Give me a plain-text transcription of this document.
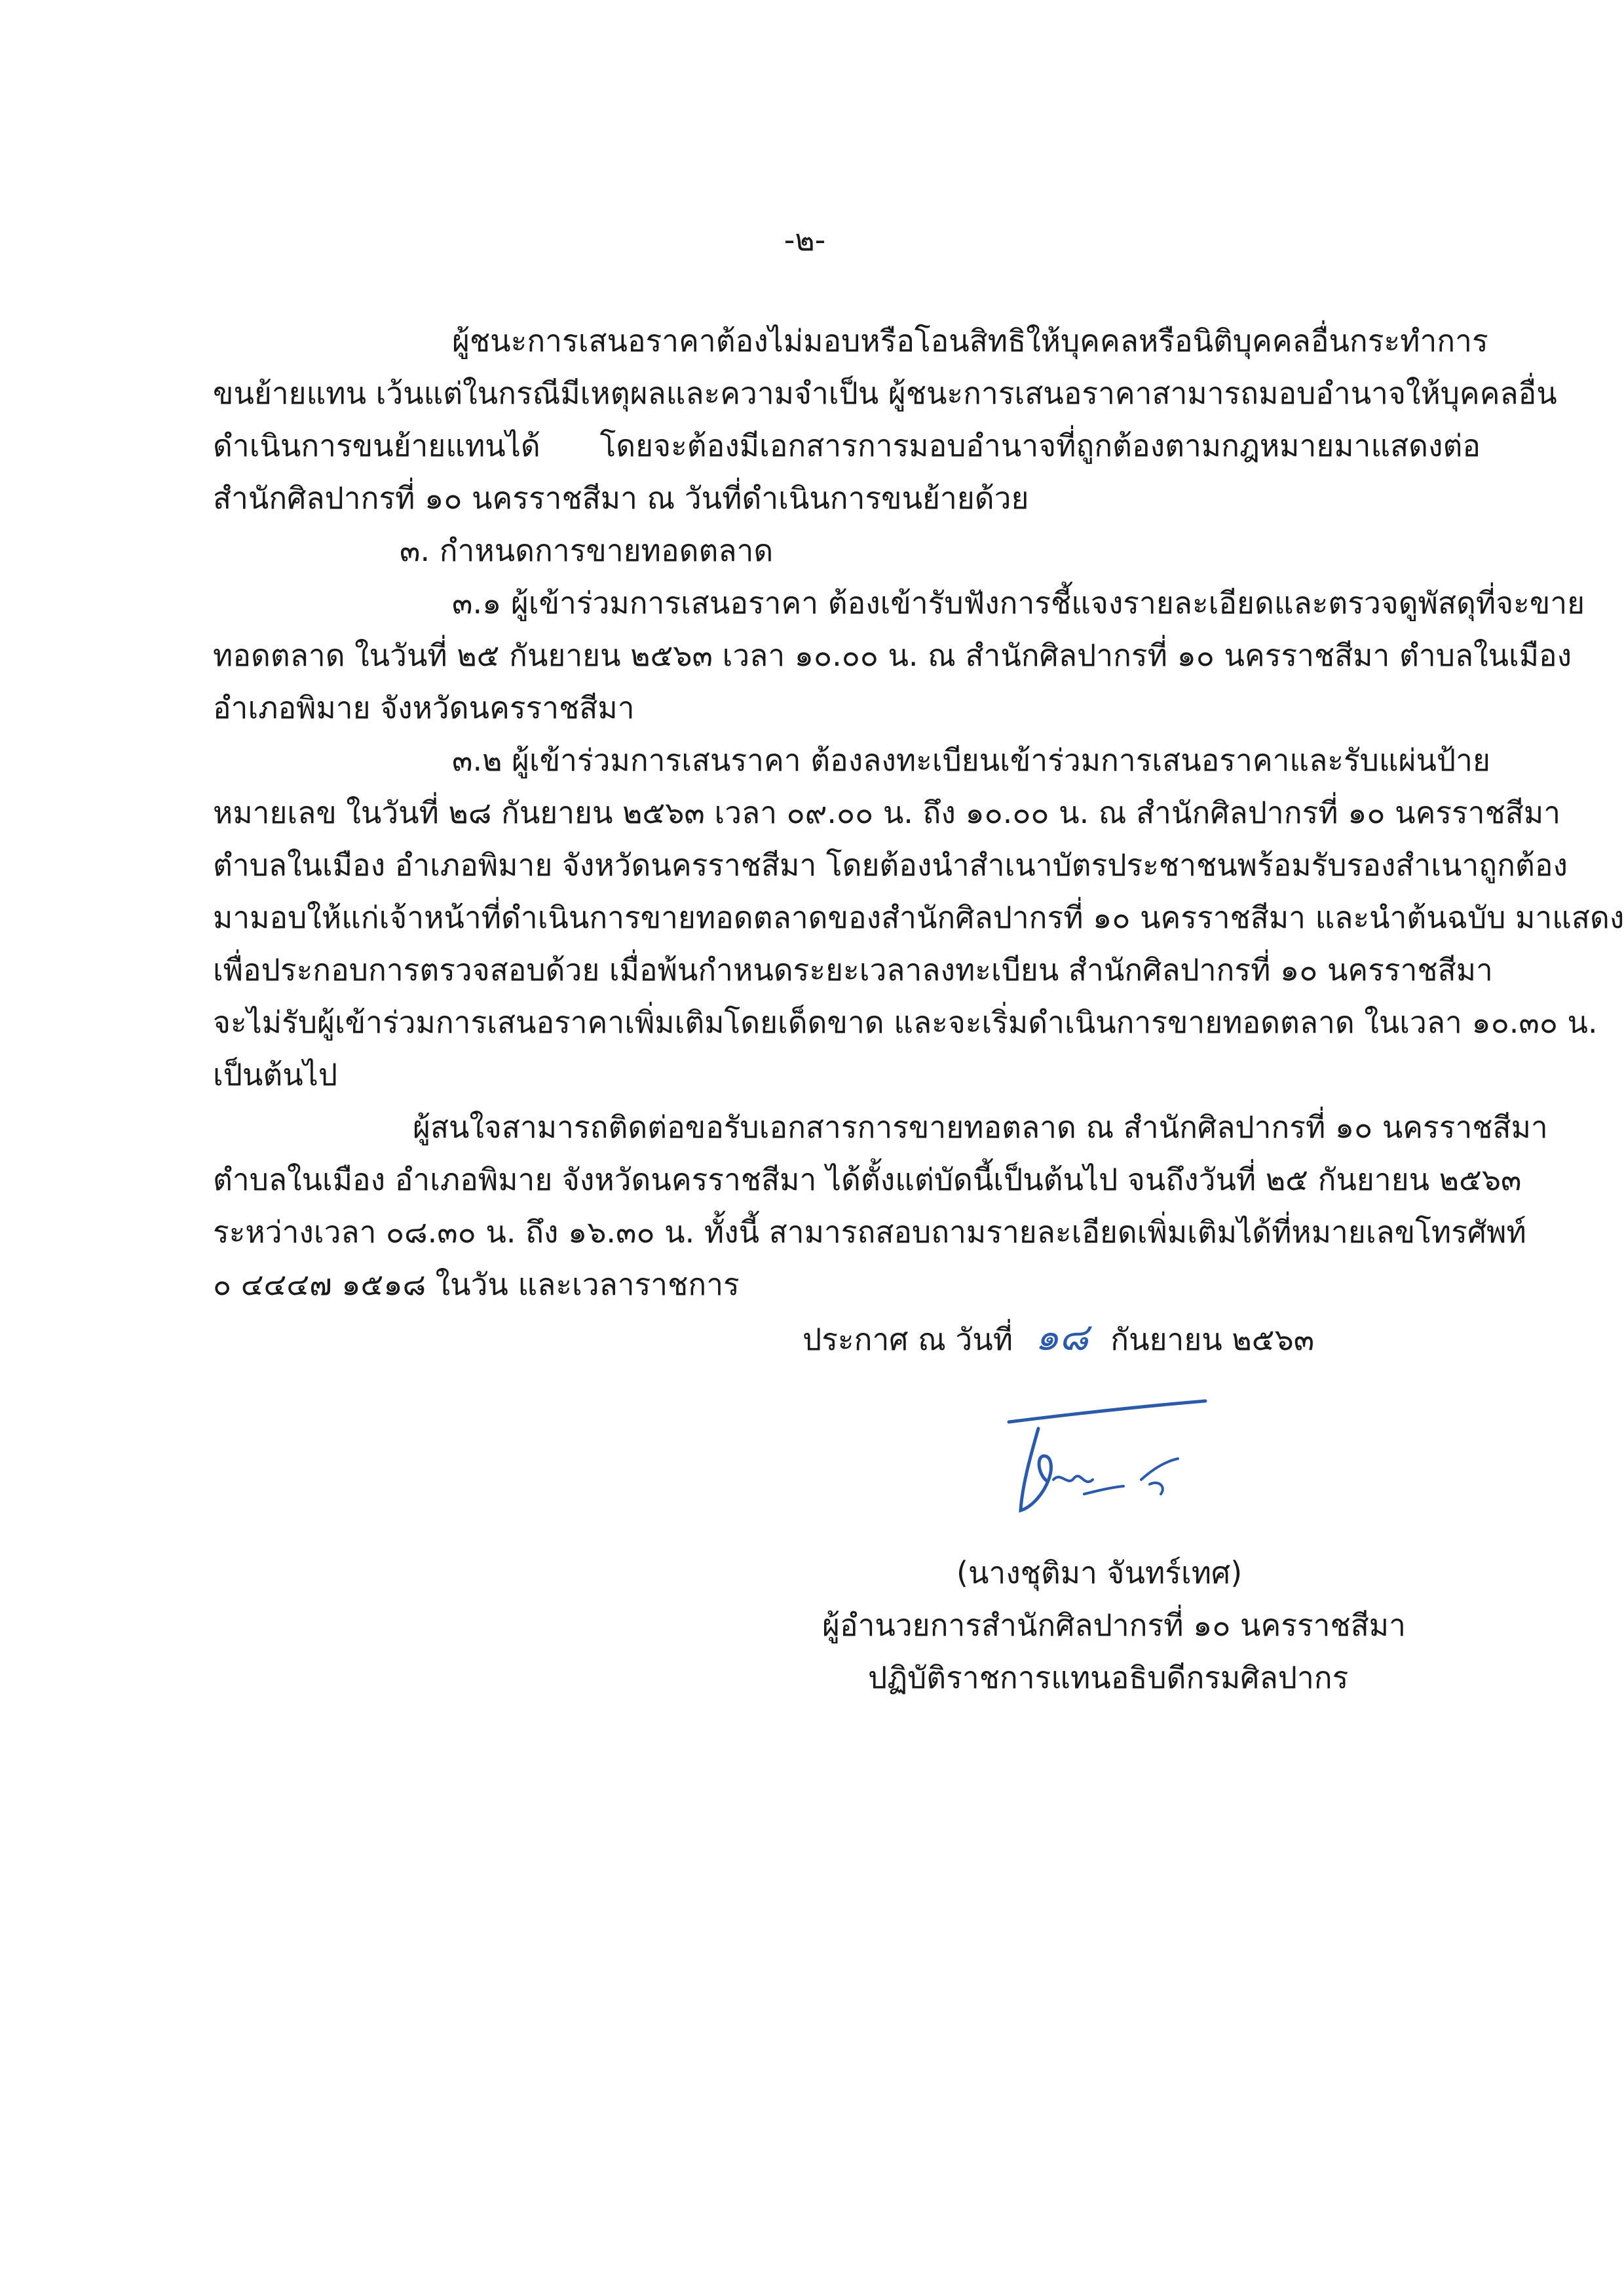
-๒-
ผู้ชนะการเสนอราคาต้องไม่มอบหรือโอนสิทธิให้บุคคลหรือนิติบุคคลอื่นกระทำการ
ขนย้ายแทน เว้นแต่ในกรณีมีเหตุผลและความจำเป็น ผู้ชนะการเสนอราคาสามารถมอบอำนาจให้บุคคลอื่น
ดำเนินการขนย้ายแทนได้ โดยจะต้องมีเอกสารการมอบอำนาจที่ถูกต้องตามกฎหมายมาแสดงต่อ
สำนักศิลปากรที่ ๑๐ นครราชสีมา ณ วันที่ดำเนินการขนย้ายด้วย
๓. กำหนดการขายทอดตลาด
๓.๑ ผู้เข้าร่วมการเสนอราคา ต้องเข้ารับฟังการชี้แจงรายละเอียดและตรวจดูพัสดุที่จะขาย
ทอดตลาด ในวันที่ ๒๕ กันยายน ๒๕๖๓ เวลา ๑๐.๐๐ น. ณ สำนักศิลปากรที่ ๑๐ นครราชสีมา ตำบลในเมือง
อำเภอพิมาย จังหวัดนครราชสีมา
๓.๒ ผู้เข้าร่วมการเสนราคา ต้องลงทะเบียนเข้าร่วมการเสนอราคาและรับแผ่นป้าย
หมายเลข ในวันที่ ๒๘ กันยายน ๒๕๖๓ เวลา ๐๙.๐๐ น. ถึง ๑๐.๐๐ น. ณ สำนักศิลปากรที่ ๑๐ นครราชสีมา
ตำบลในเมือง อำเภอพิมาย จังหวัดนครราชสีมา โดยต้องนำสำเนาบัตรประชาชนพร้อมรับรองสำเนาถูกต้อง
มามอบให้แก่เจ้าหน้าที่ดำเนินการขายทอดตลาดของสำนักศิลปากรที่ ๑๐ นครราชสีมา และนำต้นฉบับ มาแสดง
เพื่อประกอบการตรวจสอบด้วย เมื่อพ้นกำหนดระยะเวลาลงทะเบียน สำนักศิลปากรที่ ๑๐ นครราชสีมา
จะไม่รับผู้เข้าร่วมการเสนอราคาเพิ่มเติมโดยเด็ดขาด และจะเริ่มดำเนินการขายทอดตลาด ในเวลา ๑๐.๓๐ น.
เป็นต้นไป
ผู้สนใจสามารถติดต่อขอรับเอกสารการขายทอตลาด ณ สำนักศิลปากรที่ ๑๐ นครราชสีมา
ตำบลในเมือง อำเภอพิมาย จังหวัดนครราชสีมา ได้ตั้งแต่บัดนี้เป็นต้นไป จนถึงวันที่ ๒๕ กันยายน ๒๕๖๓
ระหว่างเวลา ๐๘.๓๐ น. ถึง ๑๖.๓๐ น. ทั้งนี้ สามารถสอบถามรายละเอียดเพิ่มเติมได้ที่หมายเลขโทรศัพท์
๐ ๔๔๔๗ ๑๕๑๘ ในวัน และเวลาราชการ
ประกาศ ณ วันที่ ๑๘ กันยายน ๒๕๖๓
(นางชุติมา จันทร์เทศ)
ผู้อำนวยการสำนักศิลปากรที่ ๑๐ นครราชสีมา
ปฏิบัติราชการแทนอธิบดีกรมศิลปากร
